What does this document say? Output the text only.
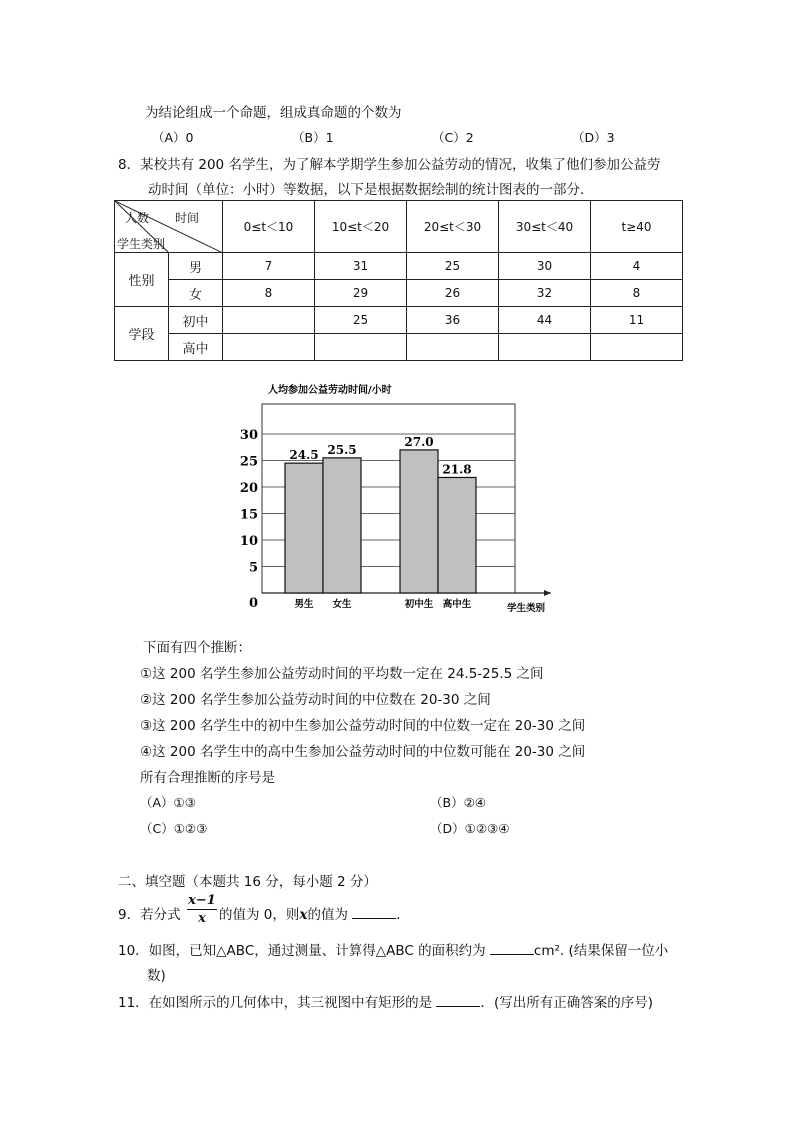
为结论组成一个命题，组成真命题的个数为
（A）0	（B）1	（C）2	（D）3
8．某校共有 200 名学生，为了解本学期学生参加公益劳动的情况，收集了他们参加公益劳
动时间（单位：小时）等数据，以下是根据数据绘制的统计图表的一部分．
人数 时间
学生类别		0≤t＜10	10≤t＜20	20≤t＜30	30≤t＜40	t≥40
性别	男	7	31	25	30	4
	女	8	29	26	32	8
学段	初中		25	36	44	11
	高中					
0
5
10
15
20
25
30
人均参加公益劳动时间/小时
24.5
男生
25.5
女生
27.0
初中生
21.8
高中生	学生类别
下面有四个推断：
①这 200 名学生参加公益劳动时间的平均数一定在 24.5-25.5 之间
②这 200 名学生参加公益劳动时间的中位数在 20-30 之间
③这 200 名学生中的初中生参加公益劳动时间的中位数一定在 20-30 之间
④这 200 名学生中的高中生参加公益劳动时间的中位数可能在 20-30 之间
所有合理推断的序号是
（A）①③	（B）②④
（C）①②③	（D）①②③④
二、填空题（本题共 16 分，每小题 2 分）
9．若分式 $\frac{x-1}{x}$ 的值为 0，则x的值为	．
10．如图，已知△ABC，通过测量、计算得△ABC 的面积约为	cm². (结果保留一位小
数)
11．在如图所示的几何体中，其三视图中有矩形的是	．(写出所有正确答案的序号)
